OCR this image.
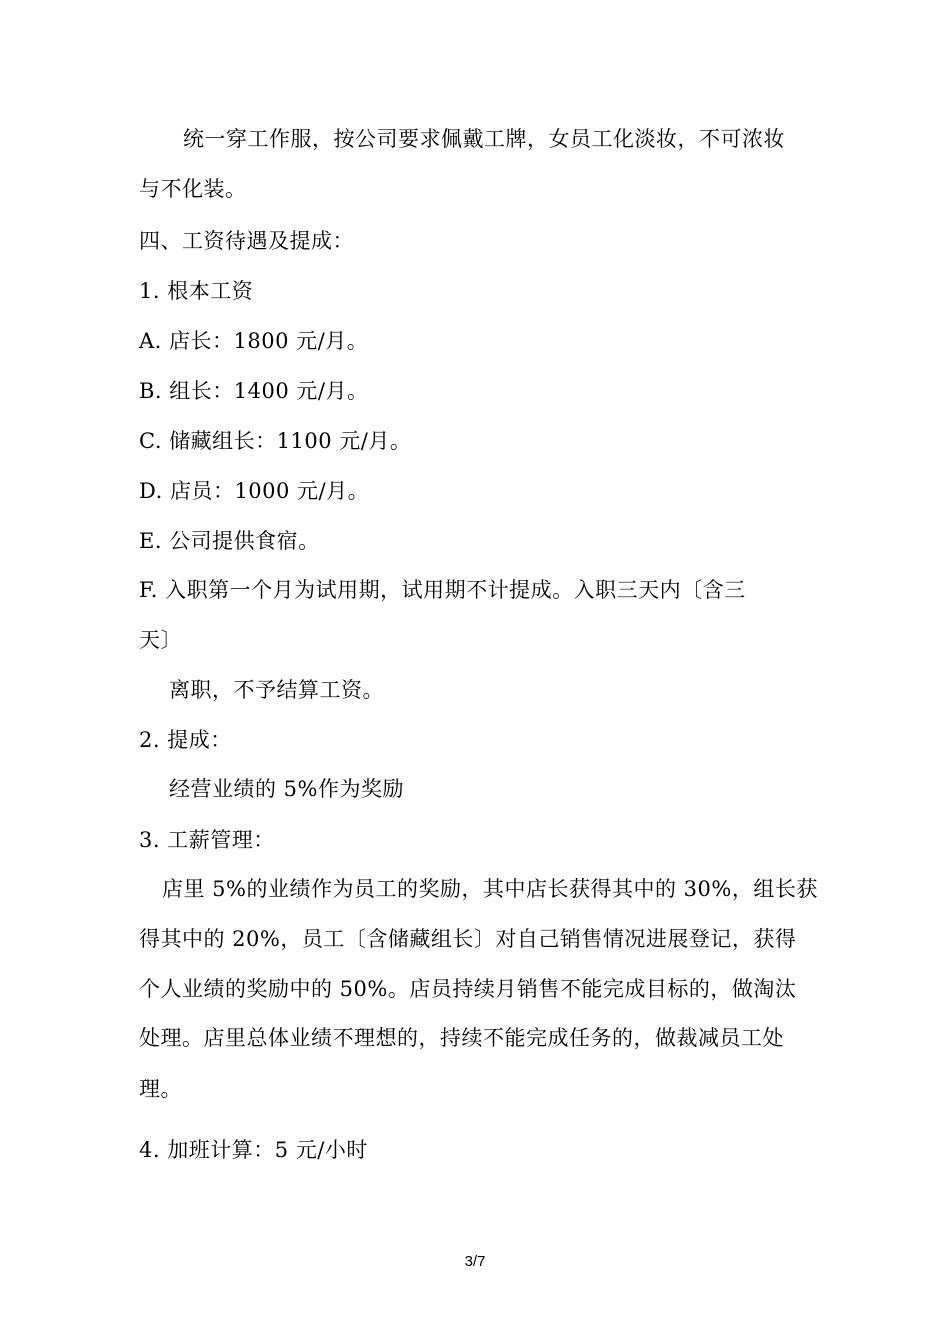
统一穿工作服，按公司要求佩戴工牌，女员工化淡妆，不可浓妆
与不化装。
四、工资待遇及提成：
1. 根本工资
A. 店长：1800 元/月。
B. 组长：1400 元/月。
C. 储藏组长：1100 元/月。
D. 店员：1000 元/月。
E. 公司提供食宿。
F. 入职第一个月为试用期，试用期不计提成。入职三天内〔含三
天〕
离职，不予结算工资。
2. 提成：
经营业绩的 5%作为奖励
3. 工薪管理：
店里 5%的业绩作为员工的奖励，其中店长获得其中的 30%，组长获
得其中的 20%，员工〔含储藏组长〕对自己销售情况进展登记，获得
个人业绩的奖励中的 50%。店员持续月销售不能完成目标的，做淘汰
处理。店里总体业绩不理想的，持续不能完成任务的，做裁减员工处
理。
4. 加班计算：5 元/小时
3/7
